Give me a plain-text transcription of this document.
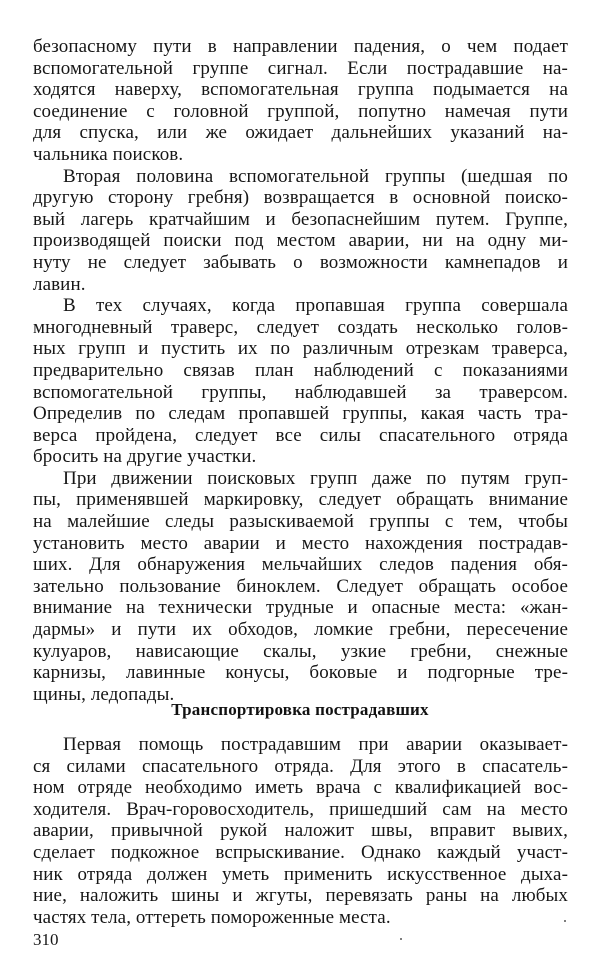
безопасному пути в направлении падения, о чем подает
вспомогательной группе сигнал. Если пострадавшие на-
ходятся наверху, вспомогательная группа подымается на
соединение с головной группой, попутно намечая пути
для спуска, или же ожидает дальнейших указаний на-
чальника поисков.
Вторая половина вспомогательной группы (шедшая по
другую сторону гребня) возвращается в основной поиско-
вый лагерь кратчайшим и безопаснейшим путем. Группе,
производящей поиски под местом аварии, ни на одну ми-
нуту не следует забывать о возможности камнепадов и
лавин.
В тех случаях, когда пропавшая группа совершала
многодневный траверс, следует создать несколько голов-
ных групп и пустить их по различным отрезкам траверса,
предварительно связав план наблюдений с показаниями
вспомогательной группы, наблюдавшей за траверсом.
Определив по следам пропавшей группы, какая часть тра-
верса пройдена, следует все силы спасательного отряда
бросить на другие участки.
При движении поисковых групп даже по путям груп-
пы, применявшей маркировку, следует обращать внимание
на малейшие следы разыскиваемой группы с тем, чтобы
установить место аварии и место нахождения пострадав-
ших. Для обнаружения мельчайших следов падения обя-
зательно пользование биноклем. Следует обращать особое
внимание на технически трудные и опасные места: «жан-
дармы» и пути их обходов, ломкие гребни, пересечение
кулуаров, нависающие скалы, узкие гребни, снежные
карнизы, лавинные конусы, боковые и подгорные тре-
щины, ледопады.
Транспортировка пострадавших
Первая помощь пострадавшим при аварии оказывает-
ся силами спасательного отряда. Для этого в спасатель-
ном отряде необходимо иметь врача с квалификацией вос-
ходителя. Врач-горовосходитель, пришедший сам на место
аварии, привычной рукой наложит швы, вправит вывих,
сделает подкожное вспрыскивание. Однако каждый участ-
ник отряда должен уметь применить искусственное дыха-
ние, наложить шины и жгуты, перевязать раны на любых
частях тела, оттереть помороженные места.
310
